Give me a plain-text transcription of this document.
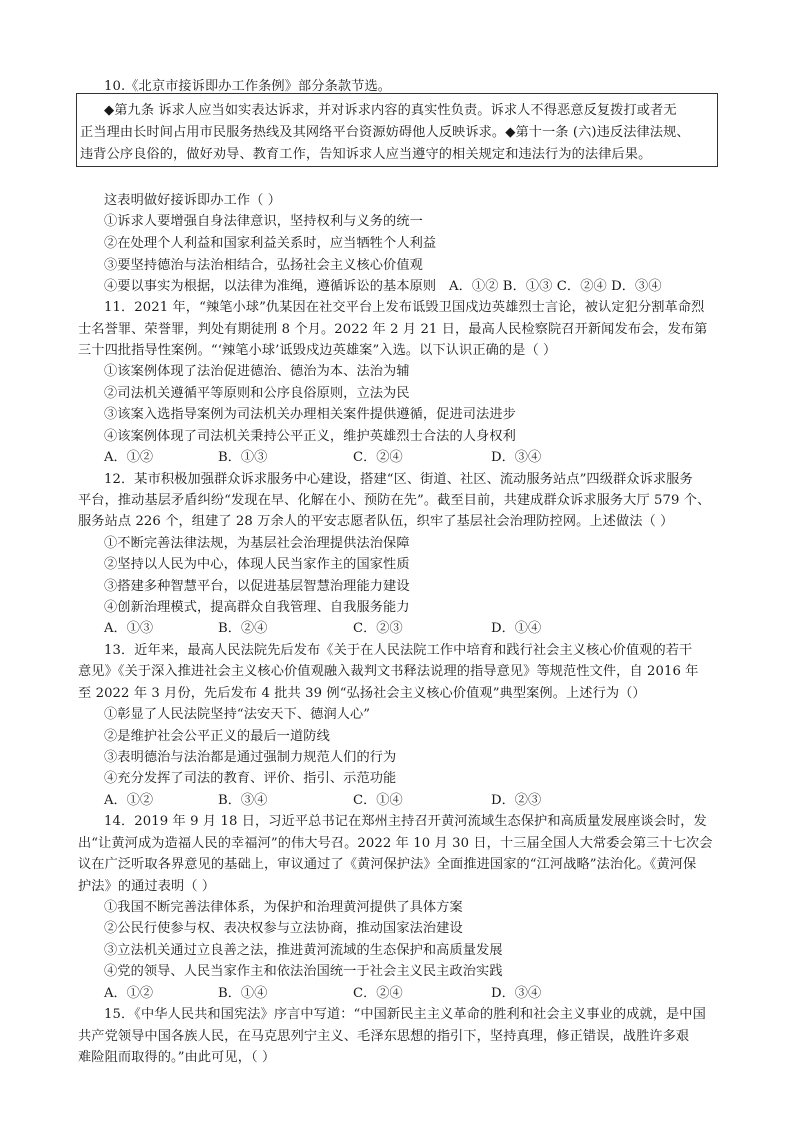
10.《北京市接诉即办工作条例》部分条款节选。
◆第九条 诉求人应当如实表达诉求，并对诉求内容的真实性负责。诉求人不得恶意反复拨打或者无
正当理由长时间占用市民服务热线及其网络平台资源妨碍他人反映诉求。◆第十一条 (六)违反法律法规、
违背公序良俗的，做好劝导、教育工作，告知诉求人应当遵守的相关规定和违法行为的法律后果。
这表明做好接诉即办工作（ ）
①诉求人要增强自身法律意识，坚持权利与义务的统一
②在处理个人利益和国家利益关系时，应当牺牲个人利益
③要坚持德治与法治相结合，弘扬社会主义核心价值观
④要以事实为根据，以法律为准绳，遵循诉讼的基本原则 A．①② B．①③ C．②④ D．③④
11．2021 年，“辣笔小球”仇某因在社交平台上发布诋毁卫国戍边英雄烈士言论，被认定犯分割革命烈
士名誉罪、荣誉罪，判处有期徒刑 8 个月。2022 年 2 月 21 日，最高人民检察院召开新闻发布会，发布第
三十四批指导性案例。“‘辣笔小球’诋毁戍边英雄案”入选。以下认识正确的是（ ）
①该案例体现了法治促进德治、德治为本、法治为辅
②司法机关遵循平等原则和公序良俗原则，立法为民
③该案入选指导案例为司法机关办理相关案件提供遵循，促进司法进步
④该案例体现了司法机关秉持公平正义，维护英雄烈士合法的人身权利
A．①②	B．①③	C．②④	D．③④
12．某市积极加强群众诉求服务中心建设，搭建“区、街道、社区、流动服务站点”四级群众诉求服务
平台，推动基层矛盾纠纷“发现在早、化解在小、预防在先”。截至目前，共建成群众诉求服务大厅 579 个、
服务站点 226 个，组建了 28 万余人的平安志愿者队伍，织牢了基层社会治理防控网。上述做法（ ）
①不断完善法律法规，为基层社会治理提供法治保障
②坚持以人民为中心，体现人民当家作主的国家性质
③搭建多种智慧平台，以促进基层智慧治理能力建设
④创新治理模式，提高群众自我管理、自我服务能力
A．①③	B．②④	C．②③	D．①④
13．近年来，最高人民法院先后发布《关于在人民法院工作中培育和践行社会主义核心价值观的若干
意见》《关于深入推进社会主义核心价值观融入裁判文书释法说理的指导意见》等规范性文件，自 2016 年
至 2022 年 3 月份，先后发布 4 批共 39 例“弘扬社会主义核心价值观”典型案例。上述行为（）
①彰显了人民法院坚持“法安天下、德润人心”
②是维护社会公平正义的最后一道防线
③表明德治与法治都是通过强制力规范人们的行为
④充分发挥了司法的教育、评价、指引、示范功能
A．①②	B．③④	C．①④	D．②③
14．2019 年 9 月 18 日，习近平总书记在郑州主持召开黄河流域生态保护和高质量发展座谈会时，发
出“让黄河成为造福人民的幸福河”的伟大号召。2022 年 10 月 30 日，十三届全国人大常委会第三十七次会
议在广泛听取各界意见的基础上，审议通过了《黄河保护法》全面推进国家的“江河战略”法治化。《黄河保
护法》的通过表明（ ）
①我国不断完善法律体系，为保护和治理黄河提供了具体方案
②公民行使参与权、表决权参与立法协商，推动国家法治建设
③立法机关通过立良善之法，推进黄河流域的生态保护和高质量发展
④党的领导、人民当家作主和依法治国统一于社会主义民主政治实践
A．①②	B．①④	C．②④	D．③④
15．《中华人民共和国宪法》序言中写道：“中国新民主主义革命的胜利和社会主义事业的成就，是中国
共产党领导中国各族人民，在马克思列宁主义、毛泽东思想的指引下，坚持真理，修正错误，战胜许多艰
难险阻而取得的。”由此可见，（ ）
